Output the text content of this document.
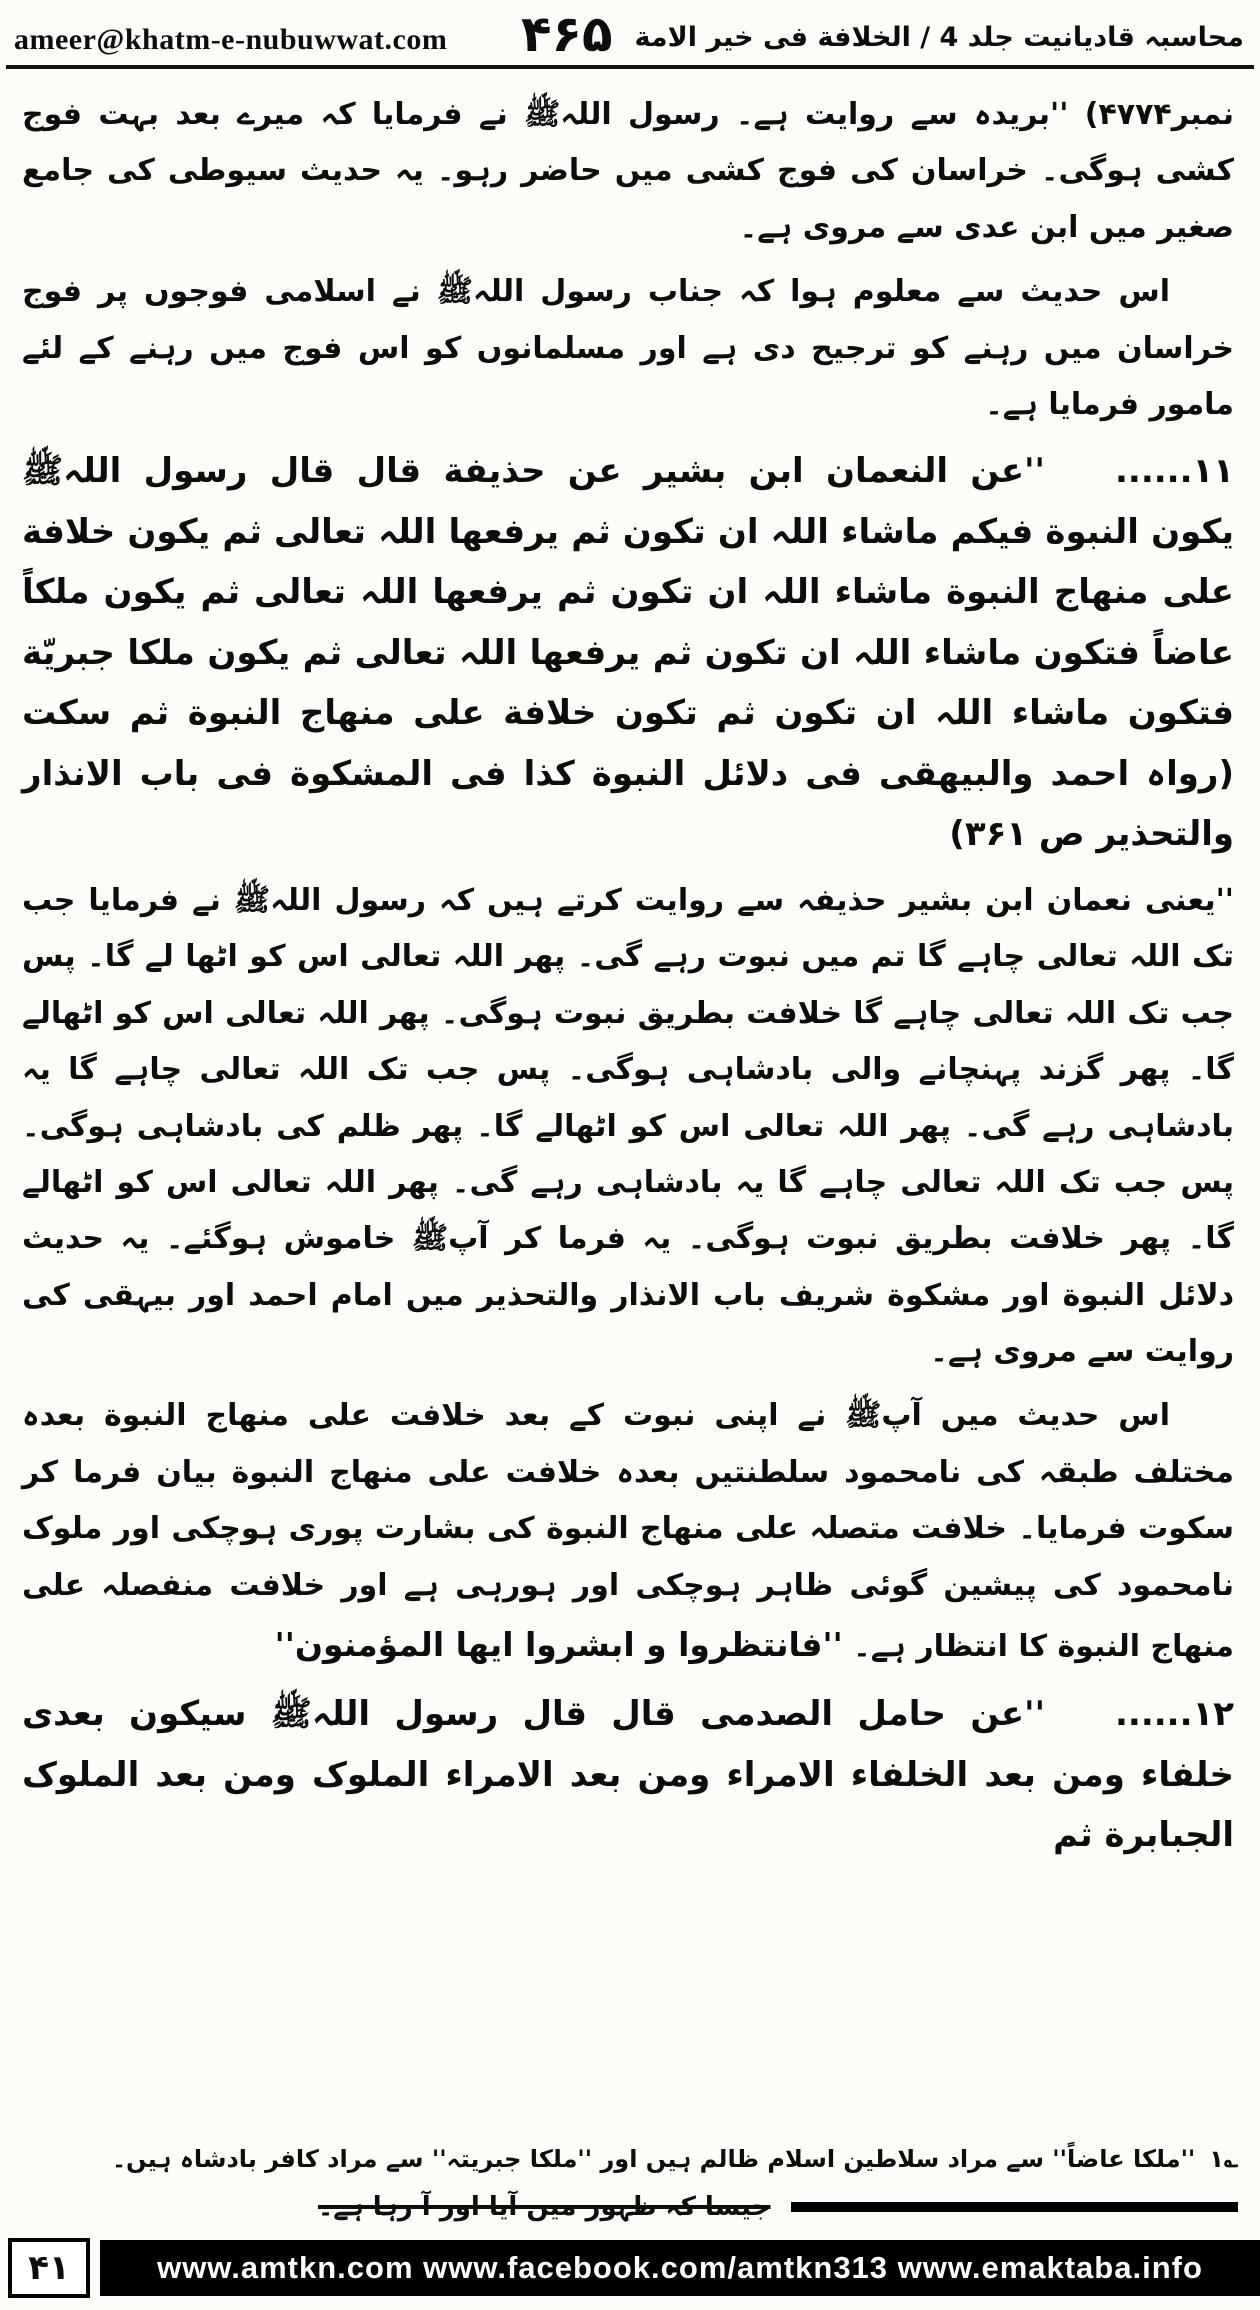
ameer@khatm-e-nubuwwat.com ۴۶۵ محاسبہ قادیانیت جلد 4 / الخلافة فی خیر الامة

نمبر۴۷۷۴) ''بریدہ سے روایت ہے۔ رسول اللہﷺ نے فرمایا کہ میرے بعد بہت فوج کشی ہوگی۔ خراسان کی فوج کشی میں حاضر رہو۔ یہ حدیث سیوطی کی جامع صغیر میں ابن عدی سے مروی ہے۔

اس حدیث سے معلوم ہوا کہ جناب رسول اللہﷺ نے اسلامی فوجوں پر فوج خراسان میں رہنے کو ترجیح دی ہے اور مسلمانوں کو اس فوج میں رہنے کے لئے مامور فرمایا ہے۔

۱۱......''عن النعمان ابن بشیر عن حذیفة قال قال رسول اللہﷺ یکون النبوة فیکم ماشاء اللہ ان تکون ثم یرفعھا اللہ تعالی ثم یکون خلافة علی منھاج النبوة ماشاء اللہ ان تکون ثم یرفعھا اللہ تعالی ثم یکون ملکاً عاضاً فتکون ماشاء اللہ ان تکون ثم یرفعھا اللہ تعالی ثم یکون ملکا جبریّة فتکون ماشاء اللہ ان تکون ثم تکون خلافة علی منھاج النبوة ثم سکت (رواہ احمد والبیھقی فی دلائل النبوة کذا فی المشکوة فی باب الانذار والتحذیر ص ۳۶۱)

''یعنی نعمان ابن بشیر حذیفہ سے روایت کرتے ہیں کہ رسول اللہﷺ نے فرمایا جب تک اللہ تعالی چاہے گا تم میں نبوت رہے گی۔ پھر اللہ تعالی اس کو اٹھا لے گا۔ پس جب تک اللہ تعالی چاہے گا خلافت بطریق نبوت ہوگی۔ پھر اللہ تعالی اس کو اٹھالے گا۔ پھر گزند پہنچانے والی بادشاہی ہوگی۔ پس جب تک اللہ تعالی چاہے گا یہ بادشاہی رہے گی۔ پھر اللہ تعالی اس کو اٹھالے گا۔ پھر ظلم کی بادشاہی ہوگی۔ پس جب تک اللہ تعالی چاہے گا یہ بادشاہی رہے گی۔ پھر اللہ تعالی اس کو اٹھالے گا۔ پھر خلافت بطریق نبوت ہوگی۔ یہ فرما کر آپﷺ خاموش ہوگئے۔ یہ حدیث دلائل النبوة اور مشکوة شریف باب الانذار والتحذیر میں امام احمد اور بیہقی کی روایت سے مروی ہے۔

اس حدیث میں آپﷺ نے اپنی نبوت کے بعد خلافت علی منھاج النبوة بعدہ مختلف طبقہ کی نامحمود سلطنتیں بعدہ خلافت علی منھاج النبوة بیان فرما کر سکوت فرمایا۔ خلافت متصلہ علی منھاج النبوة کی بشارت پوری ہوچکی اور ملوک نامحمود کی پیشین گوئی ظاہر ہوچکی اور ہورہی ہے اور خلافت منفصلہ علی منھاج النبوة کا انتظار ہے۔ ''فانتظروا و ابشروا ایھا المؤمنون''

۱۲......''عن حامل الصدمی قال قال رسول اللہﷺ سیکون بعدی خلفاء ومن بعد الخلفاء الامراء ومن بعد الامراء الملوک ومن بعد الملوک الجبابرة ثم

؎۱''ملکا عاضاً'' سے مراد سلاطین اسلام ظالم ہیں اور ''ملکا جبریتہ'' سے مراد کافر بادشاہ ہیں۔

جیسا کہ ظہور میں آیا اور آ رہا ہے۔
۴۱	www.amtkn.com www.facebook.com/amtkn313 www.emaktaba.info
